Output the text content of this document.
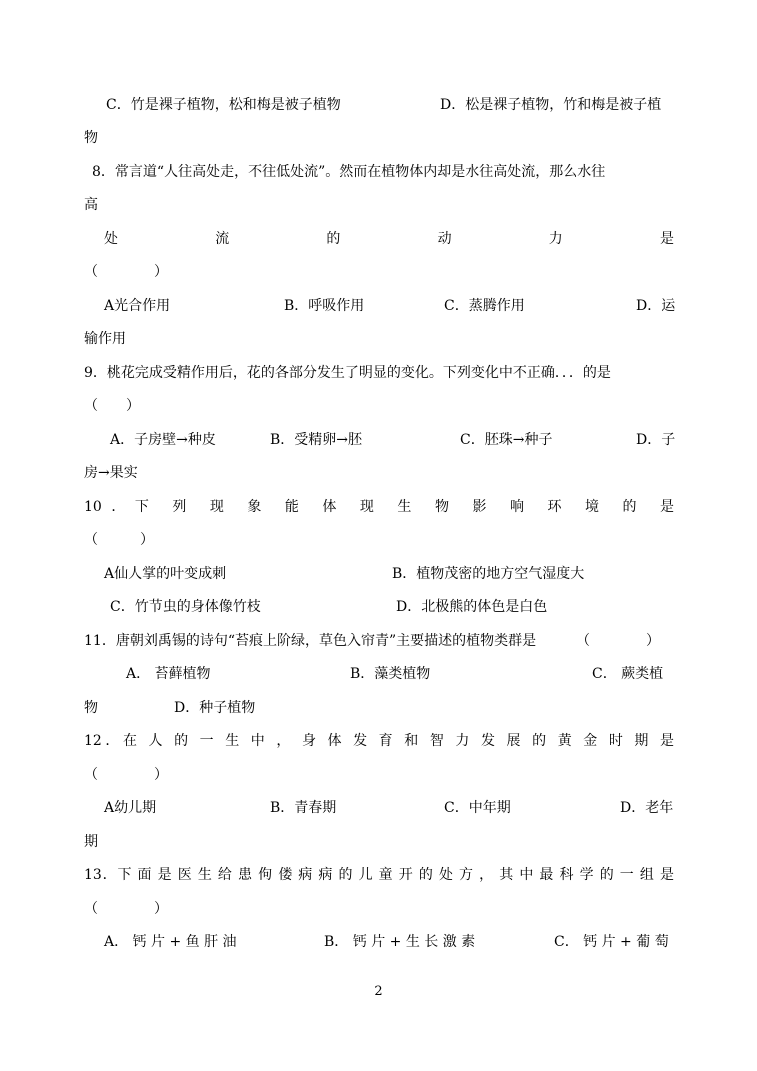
C．竹是裸子植物，松和梅是被子植物	D．松是裸子植物，竹和梅是被子植
物
8．常言道“人往高处走，不往低处流”。然而在植物体内却是水往高处流，那么水往
高
处 流 的 动 力 是
（　　　　）
A光合作用	B．呼吸作用	C．蒸腾作用	D．运
输作用
9．桃花完成受精作用后，花的各部分发生了明显的变化。下列变化中不正确．．．的是
（　　）
A．子房壁→种皮	B．受精卵→胚	C．胚珠→种子	D．子
房→果实
10．下 列 现 象 能 体 现 生 物 影 响 环 境 的 是
（　　　）
A仙人掌的叶变成刺	B．植物茂密的地方空气湿度大
C．竹节虫的身体像竹枝	D．北极熊的体色是白色
11．唐朝刘禹锡的诗句“苔痕上阶绿，草色入帘青”主要描述的植物类群是	（　　　　）
A． 苔藓植物	B．藻类植物	C． 蕨类植
物	D．种子植物
12．在 人 的 一 生 中 ， 身 体 发 育 和 智 力 发 展 的 黄 金 时 期 是
（　　　　）
A幼儿期	B．青春期	C．中年期	D．老年
期
13．下 面 是 医 生 给 患 佝 偻 病 病 的 儿 童 开 的 处 方 ， 其 中 最 科 学 的 一 组 是
（　　　　）
A． 钙 片 + 鱼 肝 油	B． 钙 片 + 生 长 激 素	C． 钙 片 + 葡 萄
2
